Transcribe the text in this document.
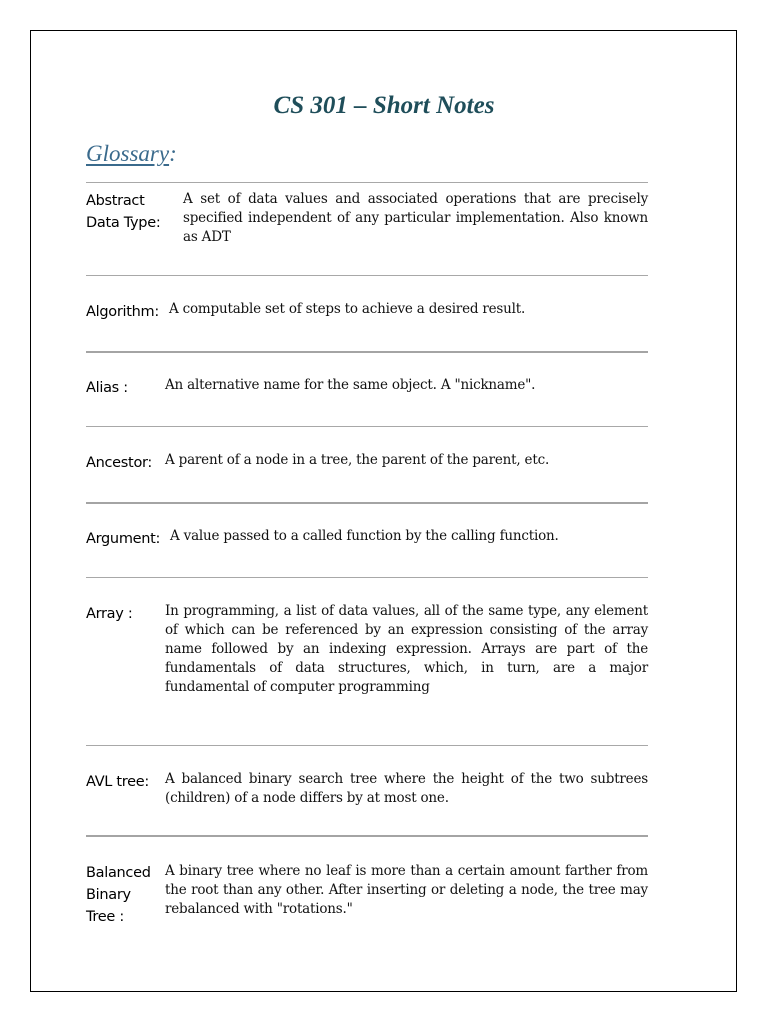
CS 301 – Short Notes
Glossary:
Abstract
Data Type:
A set of data values and associated operations that are precisely specified independent of any particular implementation. Also known as ADT
Algorithm: A computable set of steps to achieve a desired result.
Alias :	An alternative name for the same object. A "nickname".
Ancestor: A parent of a node in a tree, the parent of the parent, etc.
Argument: A value passed to a called function by the calling function.
Array : In programming, a list of data values, all of the same type, any element of which can be referenced by an expression consisting of the array name followed by an indexing expression. Arrays are part of the fundamentals of data structures, which, in turn, are a major fundamental of computer programming
AVL tree: A balanced binary search tree where the height of the two subtrees (children) of a node differs by at most one.
Balanced
Binary
Tree :
A binary tree where no leaf is more than a certain amount farther from the root than any other. After inserting or deleting a node, the tree may rebalanced with "rotations."
